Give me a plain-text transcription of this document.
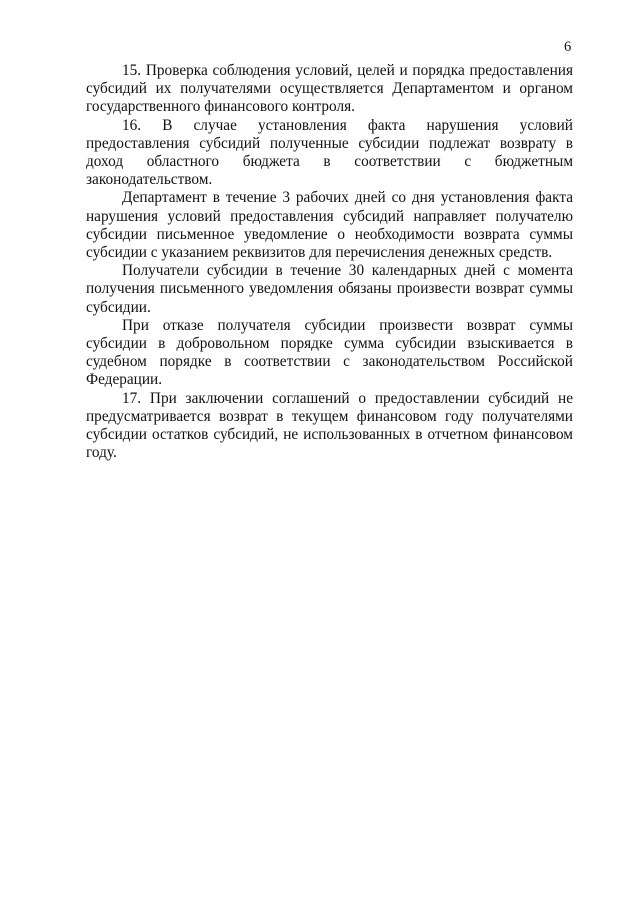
6

15. Проверка соблюдения условий, целей и порядка предоставления субсидий их получателями осуществляется Департаментом и органом государственного финансового контроля.

16. В случае установления факта нарушения условий предоставления субсидий полученные субсидии подлежат возврату в доход областного бюджета в соответствии с бюджетным законодательством.

Департамент в течение 3 рабочих дней со дня установления факта нарушения условий предоставления субсидий направляет получателю субсидии письменное уведомление о необходимости возврата суммы субсидии с указанием реквизитов для перечисления денежных средств.

Получатели субсидии в течение 30 календарных дней с момента получения письменного уведомления обязаны произвести возврат суммы субсидии.

При отказе получателя субсидии произвести возврат суммы субсидии в добровольном порядке сумма субсидии взыскивается в судебном порядке в соответствии с законодательством Российской Федерации.

17. При заключении соглашений о предоставлении субсидий не предусматривается возврат в текущем финансовом году получателями субсидии остатков субсидий, не использованных в отчетном финансовом году.
